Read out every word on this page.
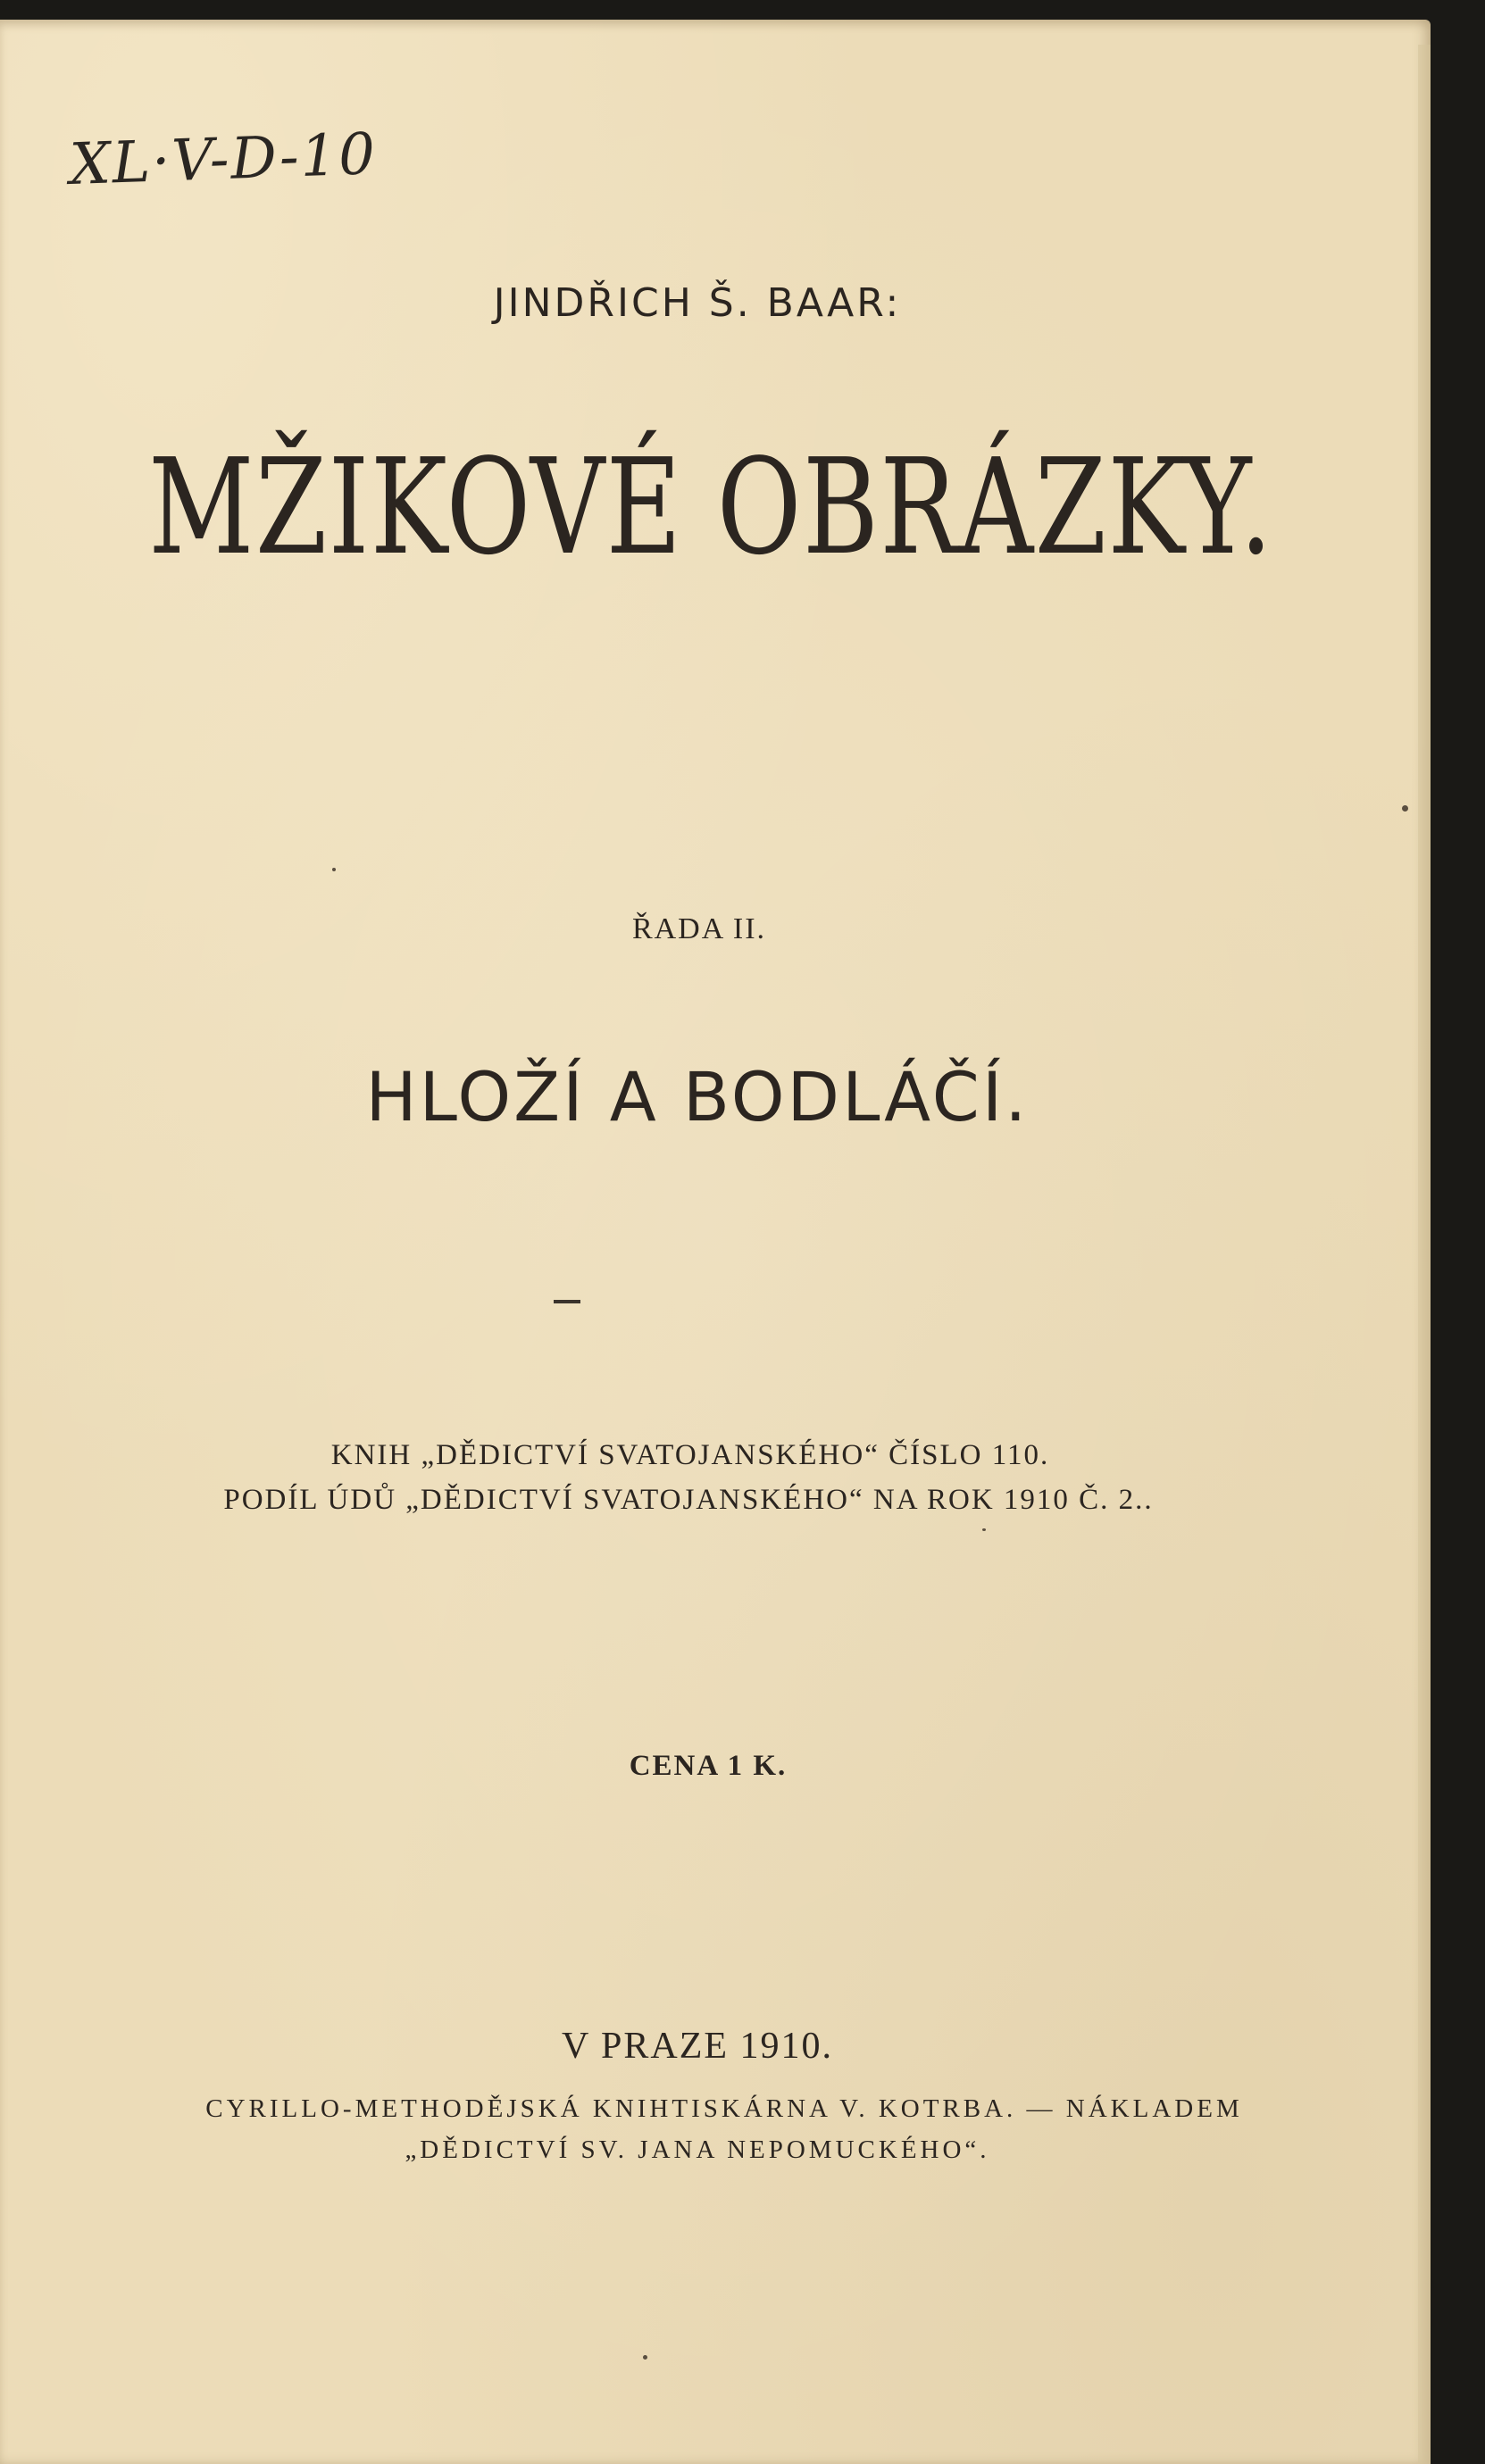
XL·V-D-10
JINDŘICH Š. BAAR:
MŽIKOVÉ OBRÁZKY.
ŘADA II.
HLOŽÍ A BODLÁČÍ.
KNIH „DĚDICTVÍ SVATOJANSKÉHO“ ČÍSLO 110.
PODÍL ÚDŮ „DĚDICTVÍ SVATOJANSKÉHO“ NA ROK 1910 Č. 2..
CENA 1 K.
V PRAZE 1910.
CYRILLO-METHODĚJSKÁ KNIHTISKÁRNA V. KOTRBA. — NÁKLADEM
„DĚDICTVÍ SV. JANA NEPOMUCKÉHO“.
